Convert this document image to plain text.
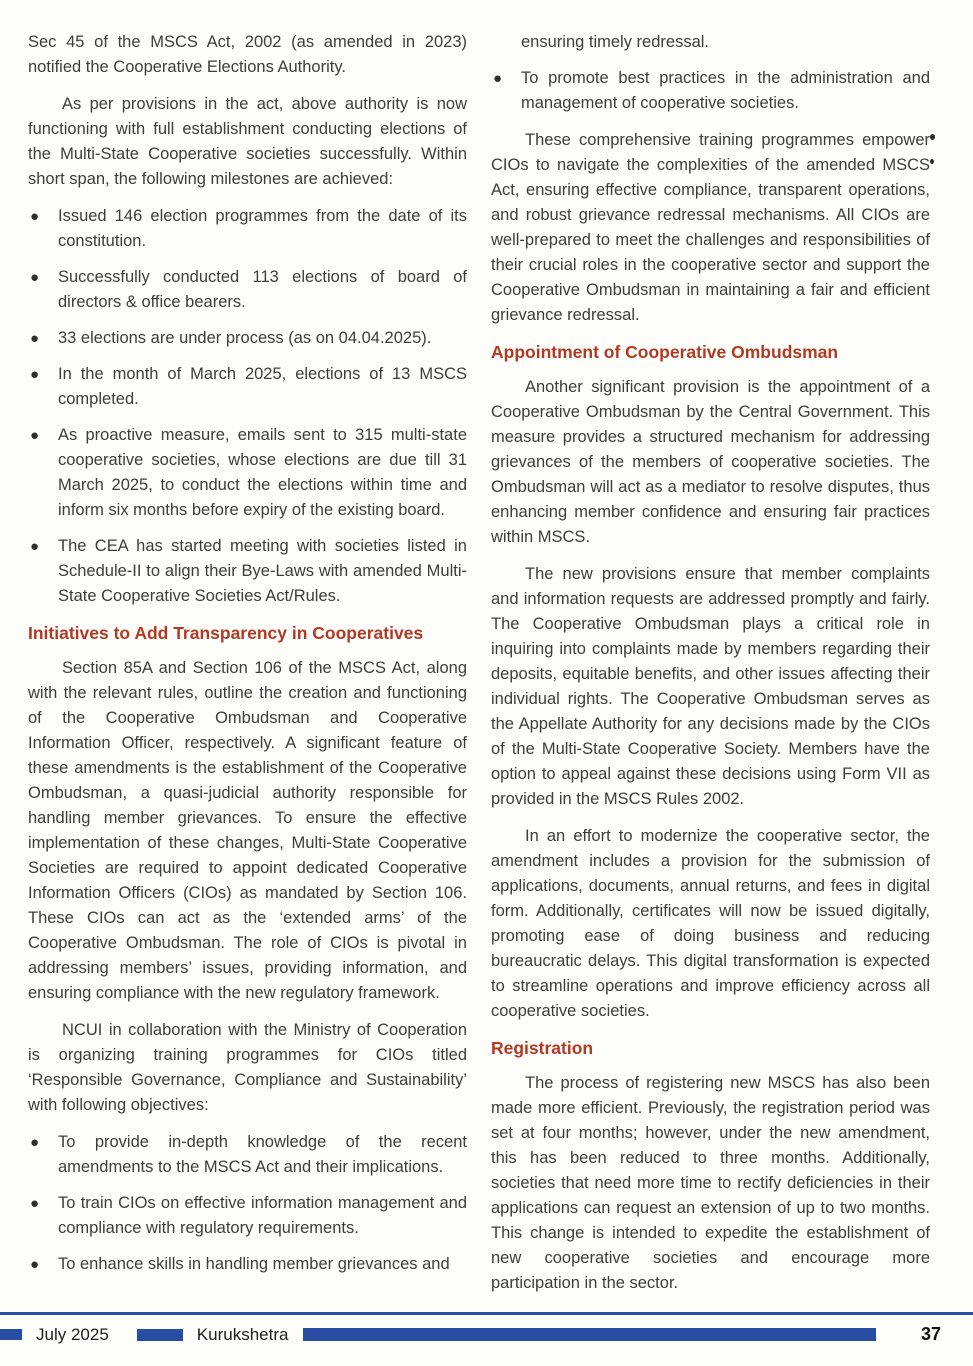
Sec 45 of the MSCS Act, 2002 (as amended in 2023) notified the Cooperative Elections Authority.

As per provisions in the act, above authority is now functioning with full establishment conducting elections of the Multi-State Cooperative societies successfully. Within short span, the following milestones are achieved:

● Issued 146 election programmes from the date of its constitution.
● Successfully conducted 113 elections of board of directors & office bearers.
● 33 elections are under process (as on 04.04.2025).
● In the month of March 2025, elections of 13 MSCS completed.
● As proactive measure, emails sent to 315 multi-state cooperative societies, whose elections are due till 31 March 2025, to conduct the elections within time and inform six months before expiry of the existing board.
● The CEA has started meeting with societies listed in Schedule-II to align their Bye-Laws with amended Multi-State Cooperative Societies Act/Rules.
Initiatives to Add Transparency in Cooperatives

Section 85A and Section 106 of the MSCS Act, along with the relevant rules, outline the creation and functioning of the Cooperative Ombudsman and Cooperative Information Officer, respectively. A significant feature of these amendments is the establishment of the Cooperative Ombudsman, a quasi-judicial authority responsible for handling member grievances. To ensure the effective implementation of these changes, Multi-State Cooperative Societies are required to appoint dedicated Cooperative Information Officers (CIOs) as mandated by Section 106. These CIOs can act as the ‘extended arms’ of the Cooperative Ombudsman. The role of CIOs is pivotal in addressing members’ issues, providing information, and ensuring compliance with the new regulatory framework.

NCUI in collaboration with the Ministry of Cooperation is organizing training programmes for CIOs titled ‘Responsible Governance, Compliance and Sustainability’ with following objectives:

● To provide in-depth knowledge of the recent amendments to the MSCS Act and their implications.
● To train CIOs on effective information management and compliance with regulatory requirements.
● To enhance skills in handling member grievances and
ensuring timely redressal.
● To promote best practices in the administration and management of cooperative societies.

These comprehensive training programmes empower CIOs to navigate the complexities of the amended MSCS Act, ensuring effective compliance, transparent operations, and robust grievance redressal mechanisms. All CIOs are well-prepared to meet the challenges and responsibilities of their crucial roles in the cooperative sector and support the Cooperative Ombudsman in maintaining a fair and efficient grievance redressal.

Appointment of Cooperative Ombudsman

Another significant provision is the appointment of a Cooperative Ombudsman by the Central Government. This measure provides a structured mechanism for addressing grievances of the members of cooperative societies. The Ombudsman will act as a mediator to resolve disputes, thus enhancing member confidence and ensuring fair practices within MSCS.

The new provisions ensure that member complaints and information requests are addressed promptly and fairly. The Cooperative Ombudsman plays a critical role in inquiring into complaints made by members regarding their deposits, equitable benefits, and other issues affecting their individual rights. The Cooperative Ombudsman serves as the Appellate Authority for any decisions made by the CIOs of the Multi-State Cooperative Society. Members have the option to appeal against these decisions using Form VII as provided in the MSCS Rules 2002.

In an effort to modernize the cooperative sector, the amendment includes a provision for the submission of applications, documents, annual returns, and fees in digital form. Additionally, certificates will now be issued digitally, promoting ease of doing business and reducing bureaucratic delays. This digital transformation is expected to streamline operations and improve efficiency across all cooperative societies.

Registration

The process of registering new MSCS has also been made more efficient. Previously, the registration period was set at four months; however, under the new amendment, this has been reduced to three months. Additionally, societies that need more time to rectify deficiencies in their applications can request an extension of up to two months. This change is intended to expedite the establishment of new cooperative societies and encourage more participation in the sector.

July 2025	Kurukshetra	37
